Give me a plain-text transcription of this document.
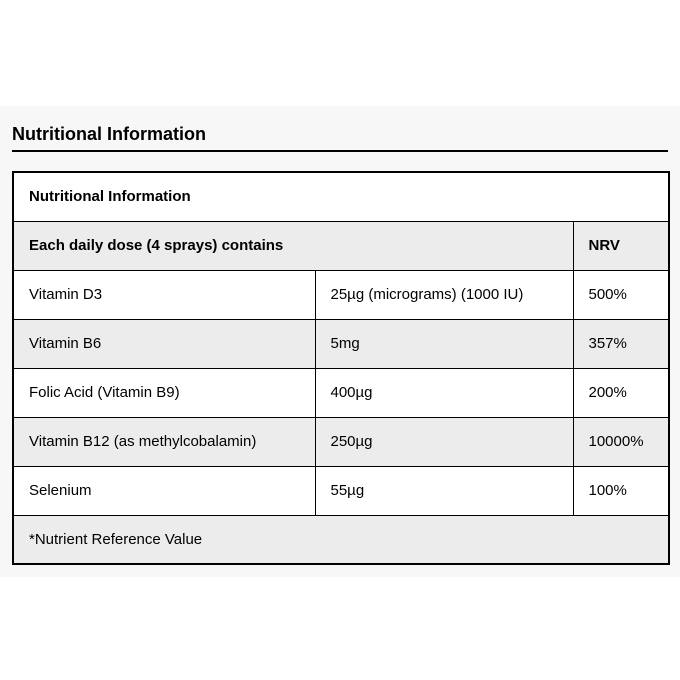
Nutritional Information
Nutritional Information		
Each daily dose (4 sprays) contains		NRV
Vitamin D3	25µg (micrograms) (1000 IU)	500%
Vitamin B6	5mg	357%
Folic Acid (Vitamin B9)	400µg	200%
Vitamin B12 (as methylcobalamin)	250µg	10000%
Selenium	55µg	100%
*Nutrient Reference Value		
